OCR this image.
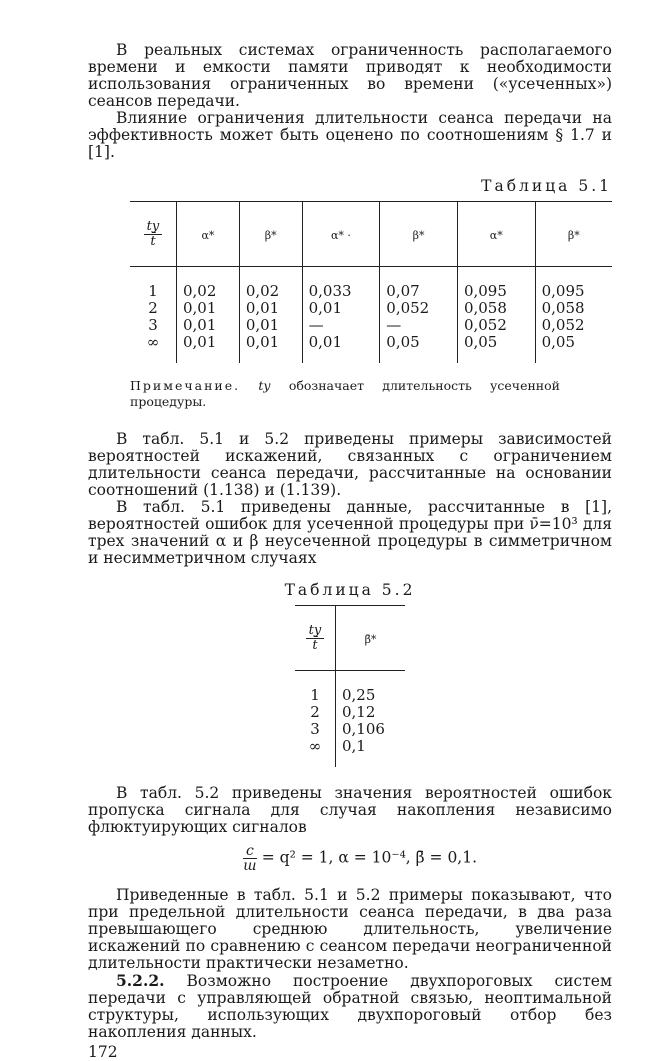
В реальных системах ограниченность располагаемого времени и емкости памяти приводят к необходимости использования ограниченных во времени («усеченных») сеансов передачи.

Влияние ограничения длительности сеанса передачи на эффективность может быть оценено по соотношениям § 1.7 и [1].

Таблица 5.1
$\frac{tу}{t̄}$	α*	β*	α* ·	β*	α*	β*
1	0,02	0,02	0,033	0,07	0,095	0,095
2	0,01	0,01	0,01	0,052	0,058	0,058
3	0,01	0,01	—	—	0,052	0,052
∞	0,01	0,01	0,01	0,05	0,05	0,05
Примечание. tу обозначает длительность усеченной
процедуры.

В табл. 5.1 и 5.2 приведены примеры зависимостей вероятностей искажений, связанных с ограничением длительности сеанса передачи, рассчитанные на основании соотношений (1.138) и (1.139).

В табл. 5.1 приведены данные, рассчитанные в [1], вероятностей ошибок для усеченной процедуры при ν̄=10³ для трех значений α и β неусеченной процедуры в симметричном и несимметричном случаях

Таблица 5.2
$\frac{tу}{t̄}$	β̄*
1	0,25
2	0,12
3	0,106
∞	0,1

В табл. 5.2 приведены значения вероятностей ошибок пропуска сигнала для случая накопления независимо флюктуирующих сигналов

$\frac{с}{ш} = q^2 = 1$, α = 10⁻⁴, β̄ = 0,1.

Приведенные в табл. 5.1 и 5.2 примеры показывают, что при предельной длительности сеанса передачи, в два раза превышающего среднюю длительность, увеличение искажений по сравнению с сеансом передачи неограниченной длительности практически незаметно.

5.2.2. Возможно построение двухпороговых систем передачи с управляющей обратной связью, неоптимальной структуры, использующих двухпороговый отбор без накопления данных.

172
